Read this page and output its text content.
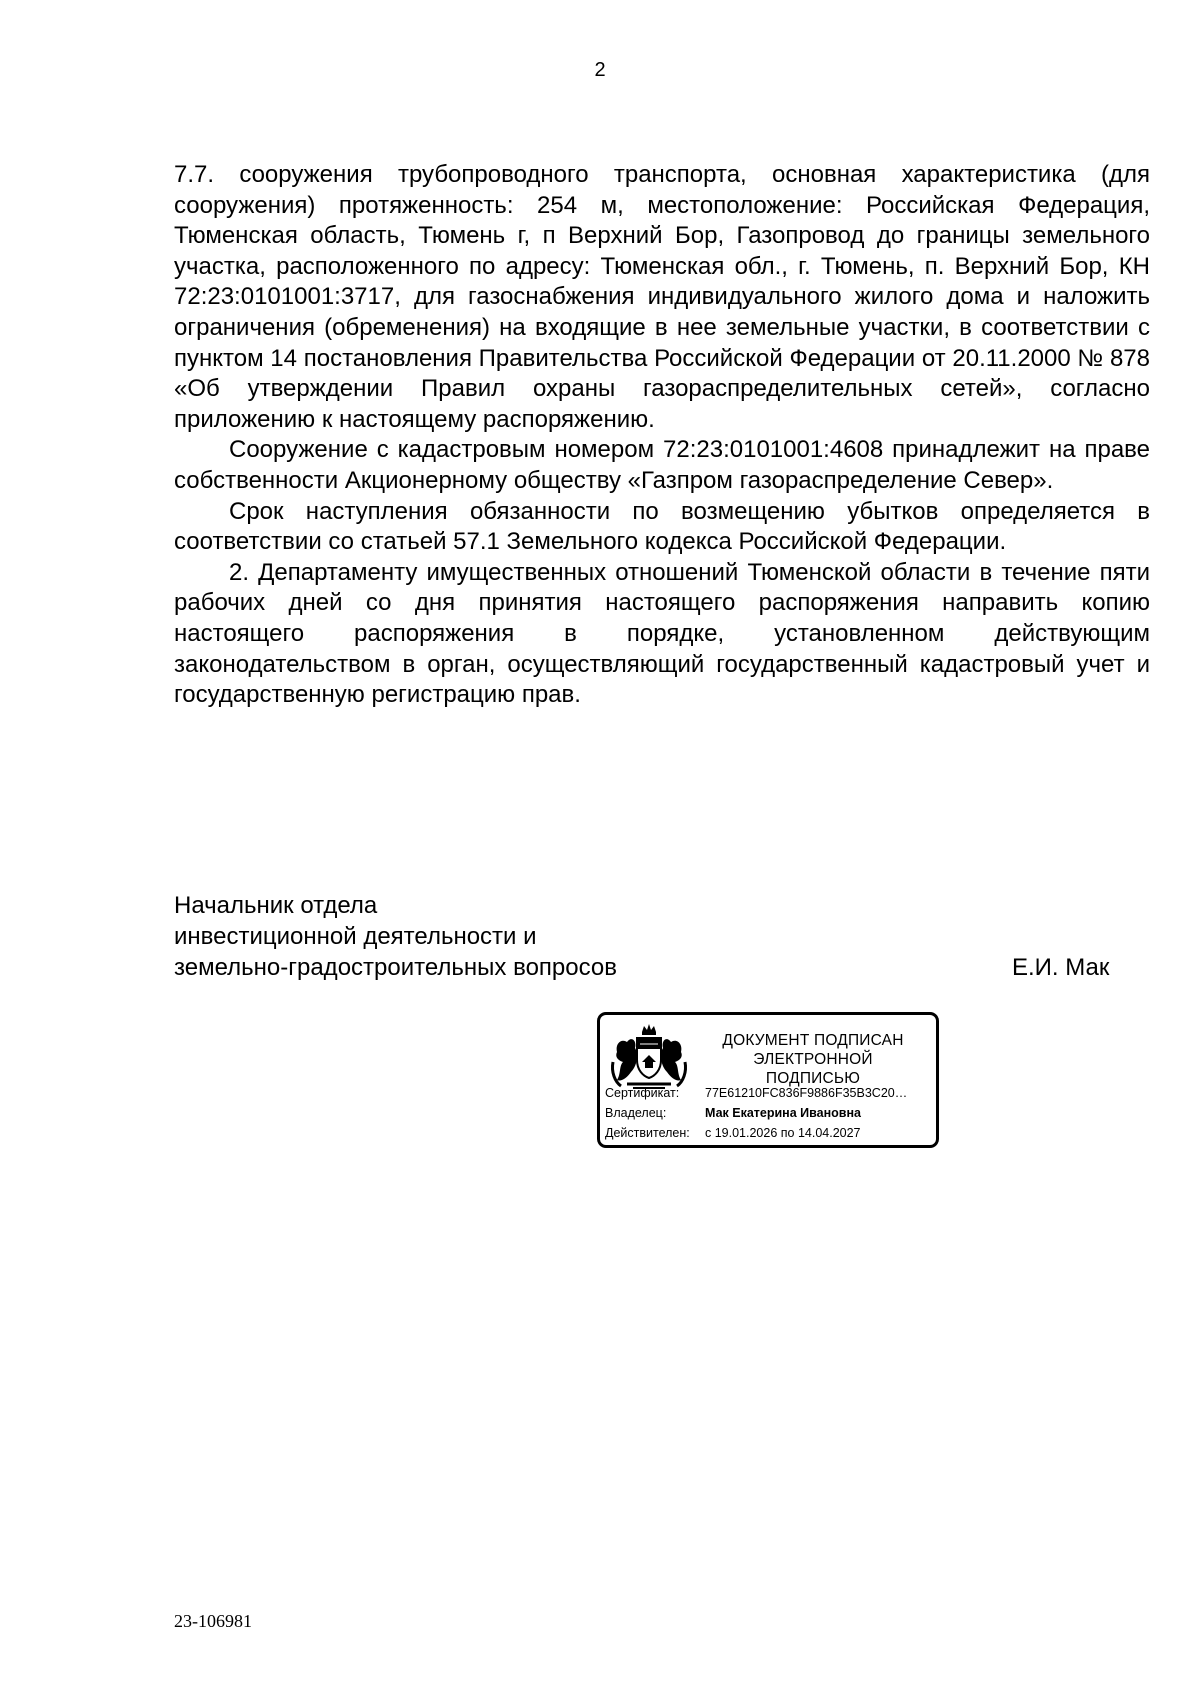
2

7.7. сооружения трубопроводного транспорта, основная характеристика (для сооружения) протяженность: 254 м, местоположение: Российская Федерация, Тюменская область, Тюмень г, п Верхний Бор, Газопровод до границы земельного участка, расположенного по адресу: Тюменская обл., г. Тюмень, п. Верхний Бор, КН 72:23:0101001:3717, для газоснабжения индивидуального жилого дома и наложить ограничения (обременения) на входящие в нее земельные участки, в соответствии с пунктом 14 постановления Правительства Российской Федерации от 20.11.2000 № 878 «Об утверждении Правил охраны газораспределительных сетей», согласно приложению к настоящему распоряжению.

Сооружение с кадастровым номером 72:23:0101001:4608 принадлежит на праве собственности Акционерному обществу «Газпром газораспределение Север».

Срок наступления обязанности по возмещению убытков определяется в соответствии со статьей 57.1 Земельного кодекса Российской Федерации.

2. Департаменту имущественных отношений Тюменской области в течение пяти рабочих дней со дня принятия настоящего распоряжения направить копию настоящего распоряжения в порядке, установленном действующим законодательством в орган, осуществляющий государственный кадастровый учет и государственную регистрацию прав.

Начальник отдела
инвестиционной деятельности и
земельно-градостроительных вопросов	Е.И. Мак
ДОКУМЕНТ ПОДПИСАН
ЭЛЕКТРОННОЙ ПОДПИСЬЮ
Сертификат: 77E61210FC836F9886F35B3C20…
Владелец:	Мак Екатерина Ивановна
Действителен: с 19.01.2026 по 14.04.2027
23-106981
